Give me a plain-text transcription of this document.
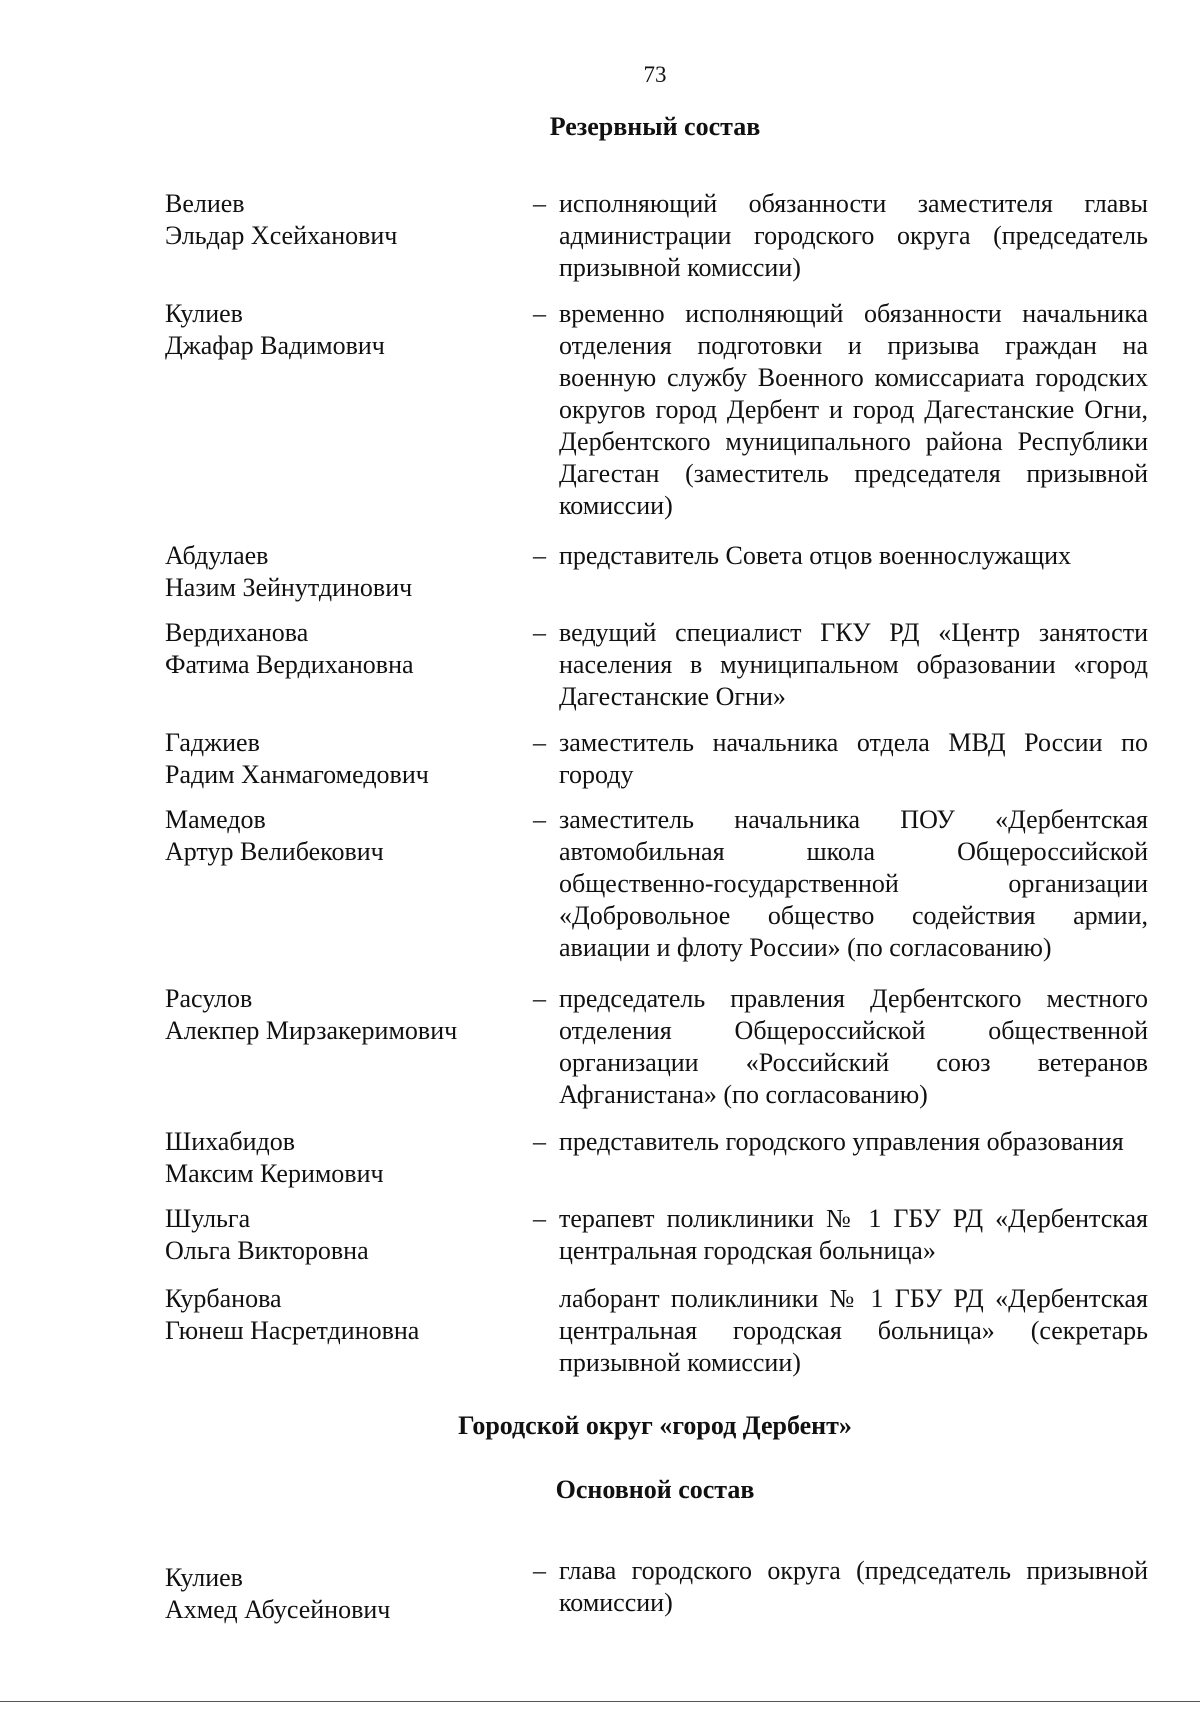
73
Резервный состав
Велиев
Эльдар Хсейханович
– исполняющий обязанности заместителя главы администрации городского округа (председатель призывной комиссии)
Кулиев
Джафар Вадимович
– временно исполняющий обязанности начальника отделения подготовки и призыва граждан на военную службу Военного комиссариата городских округов город Дербент и город Дагестанские Огни, Дербентского муниципального района Республики Дагестан (заместитель председателя призывной комиссии)
Абдулаев
Назим Зейнутдинович
– представитель Совета отцов военнослужащих
Вердиханова
Фатима Вердихановна
– ведущий специалист ГКУ РД «Центр занятости населения в муниципальном образовании «город Дагестанские Огни»
Гаджиев
Радим Ханмагомедович
– заместитель начальника отдела МВД России по городу
Мамедов
Артур Велибекович
– заместитель начальника ПОУ «Дербентская автомобильная школа Общероссийской общественно-государственной организации «Добровольное общество содействия армии, авиации и флоту России» (по согласованию)
Расулов
Алекпер Мирзакеримович
– председатель правления Дербентского местного отделения Общероссийской общественной организации «Российский союз ветеранов Афганистана» (по согласованию)
Шихабидов
Максим Керимович
– представитель городского управления образования
Шульга
Ольга Викторовна
– терапевт поликлиники № 1 ГБУ РД «Дербентская центральная городская больница»
Курбанова
Гюнеш Насретдиновна
лаборант поликлиники № 1 ГБУ РД «Дербентская центральная городская больница» (секретарь призывной комиссии)
Городской округ «город Дербент»
Основной состав
Кулиев
Ахмед Абусейнович
– глава городского округа (председатель призывной комиссии)
